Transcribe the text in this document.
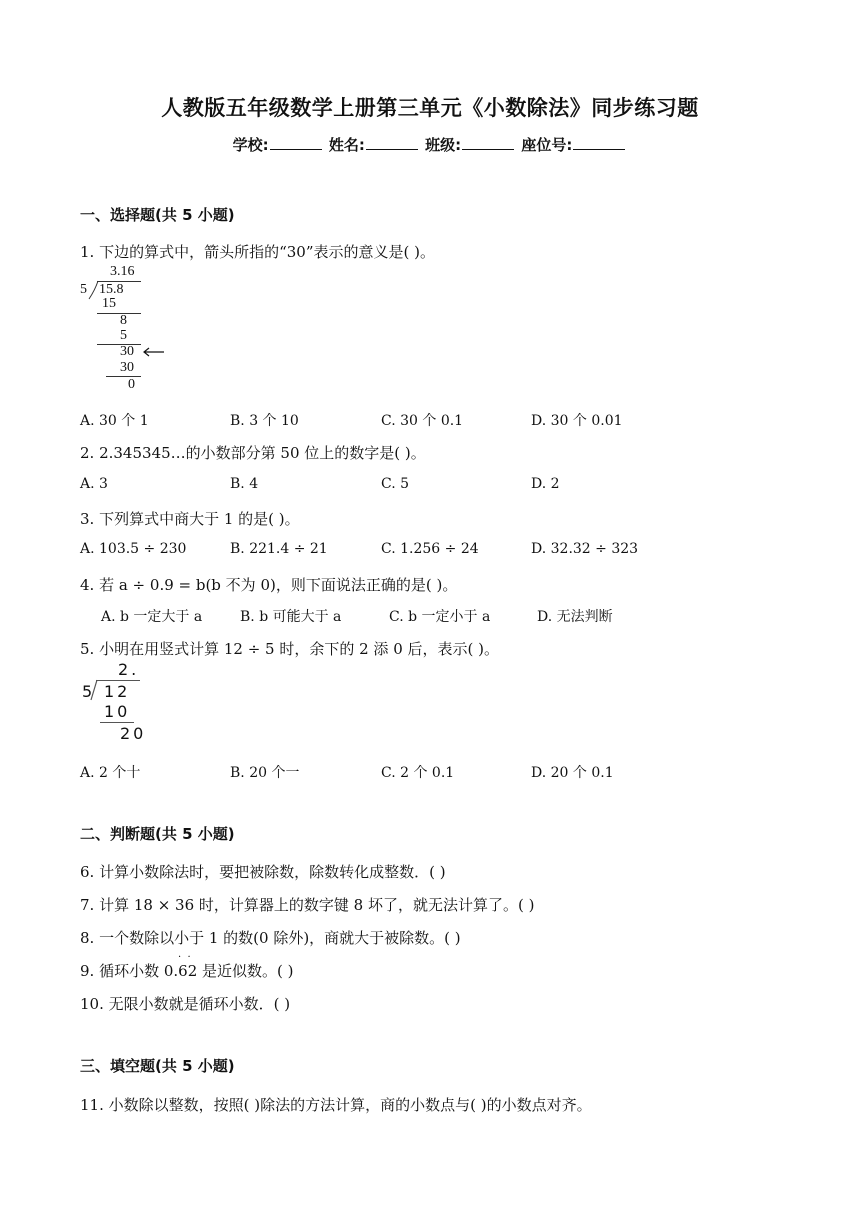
人教版五年级数学上册第三单元《小数除法》同步练习题
学校:	姓名:	班级:	座位号:
一、选择题(共 5 小题)
1. 下边的算式中，箭头所指的“30”表示的意义是( )。
3.16
5 15.8
15
8
5
30
30
0
A. 30 个 1	B. 3 个 10	C. 30 个 0.1	D. 30 个 0.01
2. 2.345345…的小数部分第 50 位上的数字是( )。
A. 3	B. 4	C. 5	D. 2
3. 下列算式中商大于 1 的是( )。
A. 103.5 ÷ 230	B. 221.4 ÷ 21	C. 1.256 ÷ 24	D. 32.32 ÷ 323
4. 若 a ÷ 0.9 = b(b 不为 0)，则下面说法正确的是( )。
A. b 一定大于 a	B. b 可能大于 a	C. b 一定小于 a	D. 无法判断
5. 小明在用竖式计算 12 ÷ 5 时，余下的 2 添 0 后，表示( )。
2.
5 12
10
20
A. 2 个十	B. 20 个一	C. 2 个 0.1	D. 20 个 0.1
二、判断题(共 5 小题)
6. 计算小数除法时，要把被除数，除数转化成整数．( )
7. 计算 18 × 36 时，计算器上的数字键 8 坏了，就无法计算了。( )
8. 一个数除以小于 1 的数(0 除外)，商就大于被除数。( )
9. 循环小数 0.62 是近似数。( )
·  ·
10. 无限小数就是循环小数．( )
三、填空题(共 5 小题)
11. 小数除以整数，按照( )除法的方法计算，商的小数点与( )的小数点对齐。
